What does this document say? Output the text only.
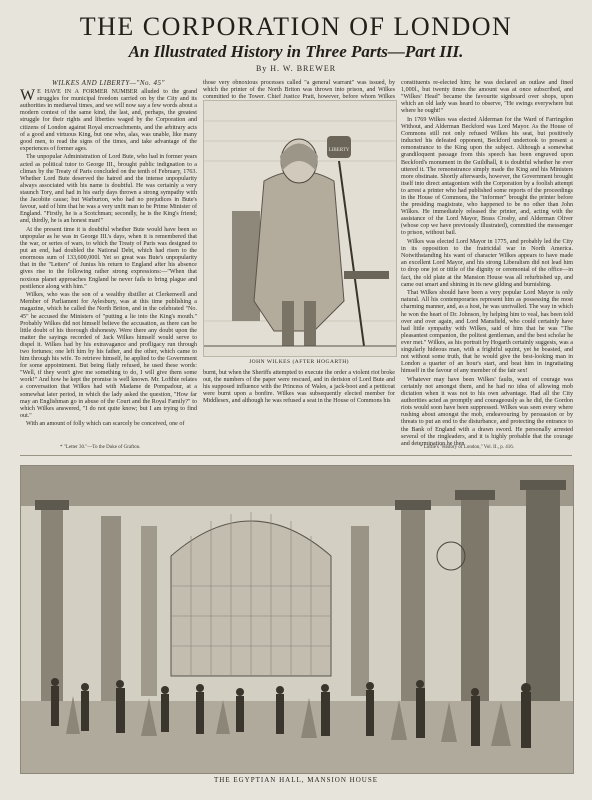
THE CORPORATION OF LONDON
An Illustrated History in Three Parts—Part III.
By H. W. BREWER
WILKES AND LIBERTY—"No. 45"

W E HAVE IN A FORMER NUMBER alluded to the grand struggles for municipal freedom carried on by the City and its authorities in mediæval times, and we will now say a few words about a modern contest of the same kind, the last, and, perhaps, the greatest struggle for their rights and liberties waged by the Corporation and citizens of London against Royal encroachments, and the arbitrary acts of a good and virtuous King, but one who, alas, was unable, like many good men, to read the signs of the times, and take advantage of the experiences of former ages.

The unpopular Administration of Lord Bute, who had in former years acted as political tutor to George III., brought public indignation to a climax by the Treaty of Paris concluded on the tenth of February, 1763. Whether Lord Bute deserved the hatred and the intense unpopularity always associated with his name is doubtful. He was certainly a very staunch Tory, and had in his early days thrown a strong sympathy with the Jacobite cause; but Warburton, who had no prejudices in Bute's favour, said of him that he was a very unfit man to be Prime Minister of England. "Firstly, he is a Scotchman; secondly, he is the King's friend; and, thirdly, he is an honest man!"

At the present time it is doubtful whether Bute would have been so unpopular as he was in George III.'s days, when it is remembered that the war, or series of wars, to which the Treaty of Paris was designed to put an end, had doubled the National Debt, which had risen to the enormous sum of 133,600,000l. Yet so great was Bute's unpopularity that in the "Letters" of Junius his return to England after his absence gives rise to the following rather strong expressions:—"When that noxious planet approaches England he never fails to bring plague and pestilence along with him."

Wilkes, who was the son of a wealthy distiller at Clerkenwell and Member of Parliament for Aylesbury, was at this time publishing a magazine, which he called the North Briton, and in the celebrated "No. 45" he accused the Ministers of "putting a lie into the King's mouth." Probably Wilkes did not himself believe the accusation, as there can be little doubt of his thorough dishonesty. Were there any doubt upon the matter the sayings recorded of Jack Wilkes himself would serve to dispel it. Wilkes had by his extravagance and profligacy run through two fortunes; one left him by his father, and the other, which came to him through his wife. To retrieve himself, he applied to the Government for some appointment. But being flatly refused, he used these words: "Well, if they won't give me something to do, I will give them some work!" And how he kept the promise is well known. Mr. Lofthie relates a conversation that Wilkes had with Madame de Pompadour, at a somewhat later period, in which the lady asked the question, "How far may an Englishman go in abuse of the Court and the Royal Family?" to which Wilkes answered, "I do not quite know; but I am trying to find out."

With an amount of folly which can scarcely be conceived, one of

* "Letter 30."—To the Duke of Grafton.

those very obnoxious processes called "a general warrant" was issued, by which the printer of the North Briton was thrown into prison, and Wilkes committed to the Tower. Chief Justice Pratt, however, before whom Wilkes

LIBERTY
JOHN WILKES (AFTER HOGARTH)

burnt, but when the Sheriffs attempted to execute the order a violent riot broke out, the numbers of the paper were rescued, and in derision of Lord Bute and his supposed influence with the Princess of Wales, a jack-boot and a petticoat were burnt upon a bonfire. Wilkes was subsequently elected member for Middlesex, and although he was refused a seat in the House of Commons his

constituents re-elected him; he was declared an outlaw and fined 1,000l., but twenty times the amount was at once subscribed, and "Wilkes' Head" became the favourite signboard over shops, upon which an old lady was heard to observe, "He swings everywhere but where he ought!"

In 1769 Wilkes was elected Alderman for the Ward of Farringdon Without, and Alderman Beckford was Lord Mayor. As the House of Commons still not only refused Wilkes his seat, but positively inducted his defeated opponent, Beckford undertook to present a remonstrance to the King upon the subject. Although a somewhat grandiloquent passage from this speech has been engraved upon Beckford's monument in the Guildhall, it is doubtful whether he ever uttered it. The remonstrance simply made the King and his Ministers more obstinate. Shortly afterwards, however, the Government brought itself into direct antagonism with the Corporation by a foolish attempt to arrest a printer who had published some reports of the proceedings in the House of Commons, the "informer" brought the printer before the presiding magistrate, who happened to be no other than John Wilkes. He immediately released the printer, and, acting with the assistance of the Lord Mayor, Brass Crosby, and Alderman Oliver (whose cop we have previously illustrated), committed the messenger to prison, without bail.

Wilkes was elected Lord Mayor in 1775, and probably led the City in its opposition to the fratricidal war in North America. Notwithstanding his want of character Wilkes appears to have made an excellent Lord Mayor, and his strong Liberalism did not lead him to drop one jot or tittle of the dignity or ceremonial of the office—in fact, the old plate at the Mansion House was all refurbished up, and came out smart and shining in its new gilding and burnishing.

That Wilkes should have been a very popular Lord Mayor is only natural. All his contemporaries represent him as possessing the most charming manner, and, as a host, he was unrivalled. The way in which he won the heart of Dr. Johnson, by helping him to veal, has been told over and over again, and Lord Mansfield, who could certainly have had little sympathy with Wilkes, said of him that he was "The pleasantest companion, the politest gentleman, and the best scholar he ever met." Wilkes, as his portrait by Hogarth certainly suggests, was a singularly hideous man, with a frightful squint, yet he boasted, and not without some truth, that he would give the best-looking man in London a quarter of an hour's start, and beat him in ingratiating himself in the favour of any member of the fair sex!

Whatever may have been Wilkes' faults, want of courage was certainly not amongst them, and he had no idea of allowing mob dictation when it was not to his own advantage. Had all the City authorities acted as promptly and courageously as he did, the Gordon riots would soon have been suppressed. Wilkes was seen every where rushing about amongst the mob, endeavouring by persuasion or by threats to put an end to the disturbance, and protecting the entrance to the Bank of England with a drawn sword. He personally arrested several of the ringleaders, and it is highly probable that the courage and determination he then

* Loftie's "History of London," Vol. II., p. 416.
THE EGYPTIAN HALL, MANSION HOUSE
